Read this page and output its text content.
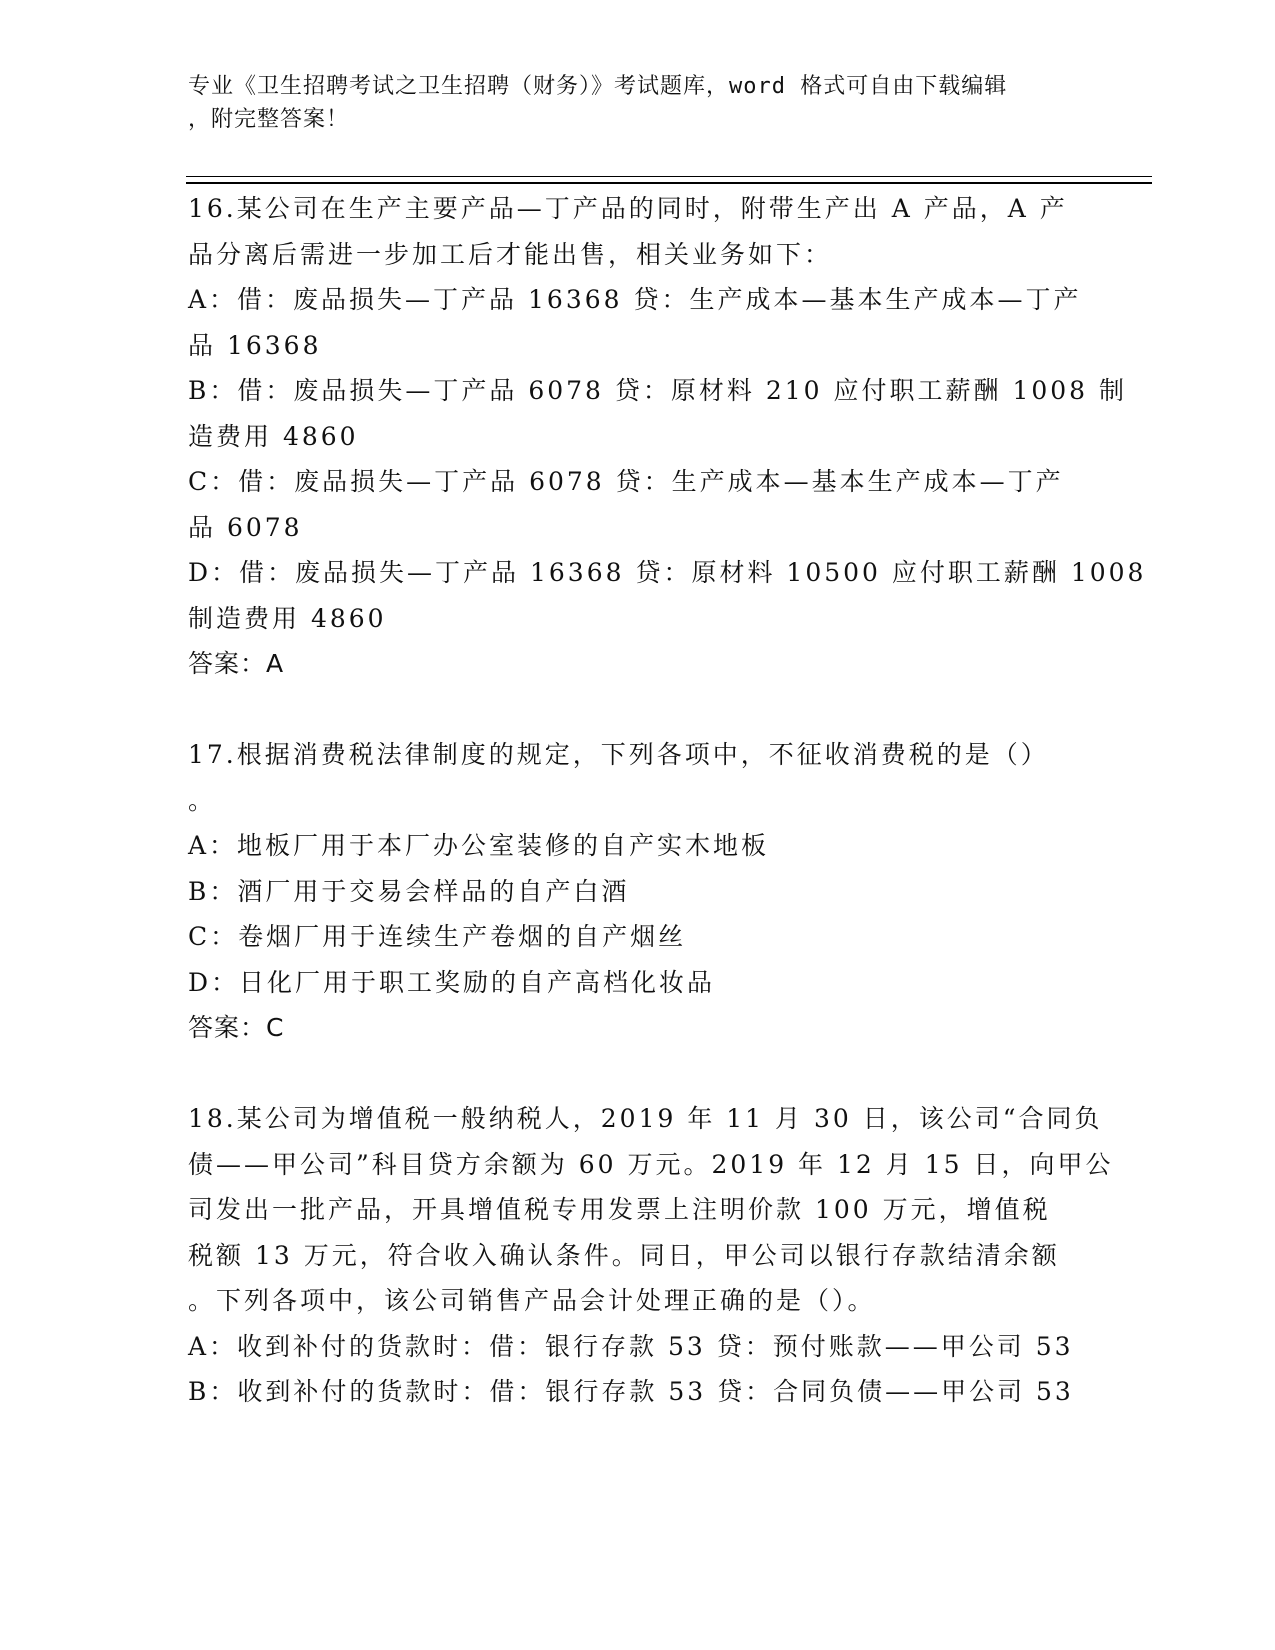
专业《卫生招聘考试之卫生招聘（财务）》考试题库，word 格式可自由下载编辑
，附完整答案！
16.某公司在生产主要产品—丁产品的同时，附带生产出 A 产品，A 产
品分离后需进一步加工后才能出售，相关业务如下：
A：借：废品损失—丁产品 16368 贷：生产成本—基本生产成本—丁产
品 16368
B：借：废品损失—丁产品 6078 贷：原材料 210 应付职工薪酬 1008 制
造费用 4860
C：借：废品损失—丁产品 6078 贷：生产成本—基本生产成本—丁产
品 6078
D：借：废品损失—丁产品 16368 贷：原材料 10500 应付职工薪酬 1008
制造费用 4860
答案：A
17.根据消费税法律制度的规定，下列各项中，不征收消费税的是（）
。
A：地板厂用于本厂办公室装修的自产实木地板
B：酒厂用于交易会样品的自产白酒
C：卷烟厂用于连续生产卷烟的自产烟丝
D：日化厂用于职工奖励的自产高档化妆品
答案：C
18.某公司为增值税一般纳税人，2019 年 11 月 30 日，该公司“合同负
债——甲公司”科目贷方余额为 60 万元。2019 年 12 月 15 日，向甲公
司发出一批产品，开具增值税专用发票上注明价款 100 万元，增值税
税额 13 万元，符合收入确认条件。同日，甲公司以银行存款结清余额
。下列各项中，该公司销售产品会计处理正确的是（）。
A：收到补付的货款时：借：银行存款 53 贷：预付账款——甲公司 53
B：收到补付的货款时：借：银行存款 53 贷：合同负债——甲公司 53
